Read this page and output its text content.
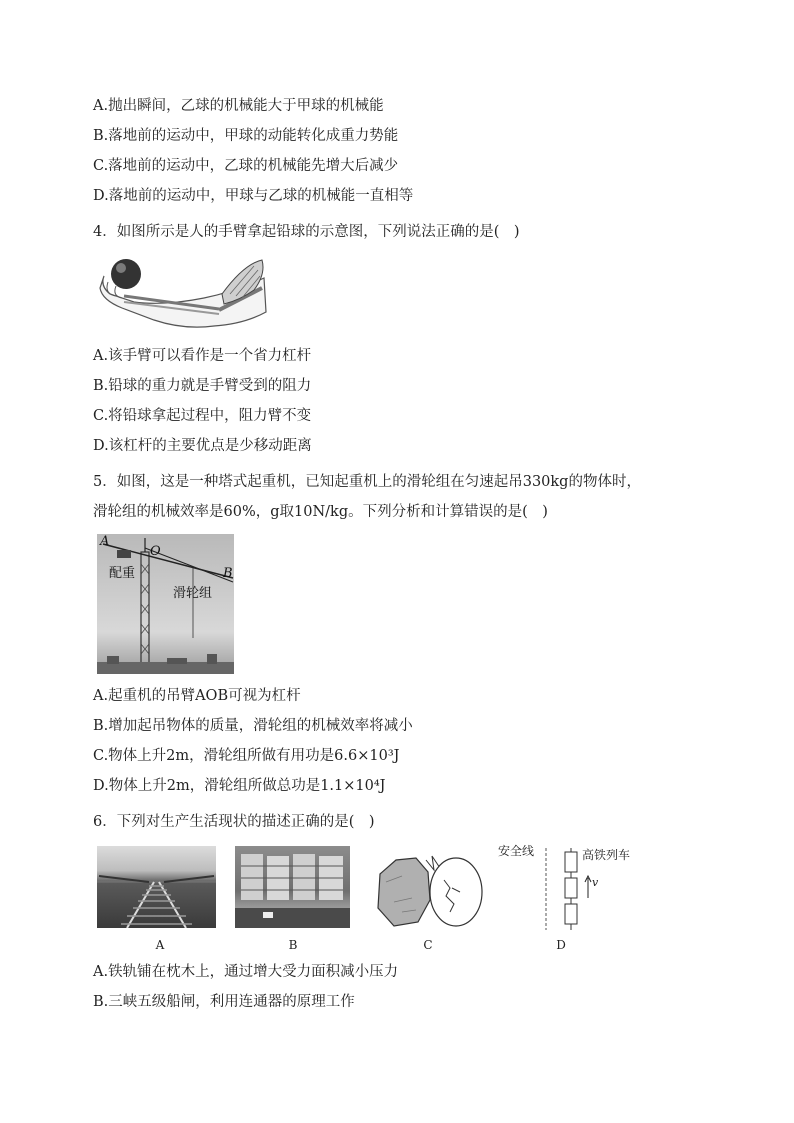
A.抛出瞬间，乙球的机械能大于甲球的机械能
B.落地前的运动中，甲球的动能转化成重力势能
C.落地前的运动中，乙球的机械能先增大后减少
D.落地前的运动中，甲球与乙球的机械能一直相等
4．如图所示是人的手臂拿起铅球的示意图，下列说法正确的是(　)
A.该手臂可以看作是一个省力杠杆
B.铅球的重力就是手臂受到的阻力
C.将铅球拿起过程中，阻力臂不变
D.该杠杆的主要优点是少移动距离
5．如图，这是一种塔式起重机，已知起重机上的滑轮组在匀速起吊330kg的物体时，
滑轮组的机械效率是60%，g取10N/kg。下列分析和计算错误的是(　)
A
O
B
配重
滑轮组
A.起重机的吊臂AOB可视为杠杆
B.增加起吊物体的质量，滑轮组的机械效率将减小
C.物体上升2m，滑轮组所做有用功是6.6×10³J
D.物体上升2m，滑轮组所做总功是1.1×10⁴J
6．下列对生产生活现状的描述正确的是(　)
A	B	C
安全线	高铁列车
v
D
A.铁轨铺在枕木上，通过增大受力面积减小压力
B.三峡五级船闸，利用连通器的原理工作
